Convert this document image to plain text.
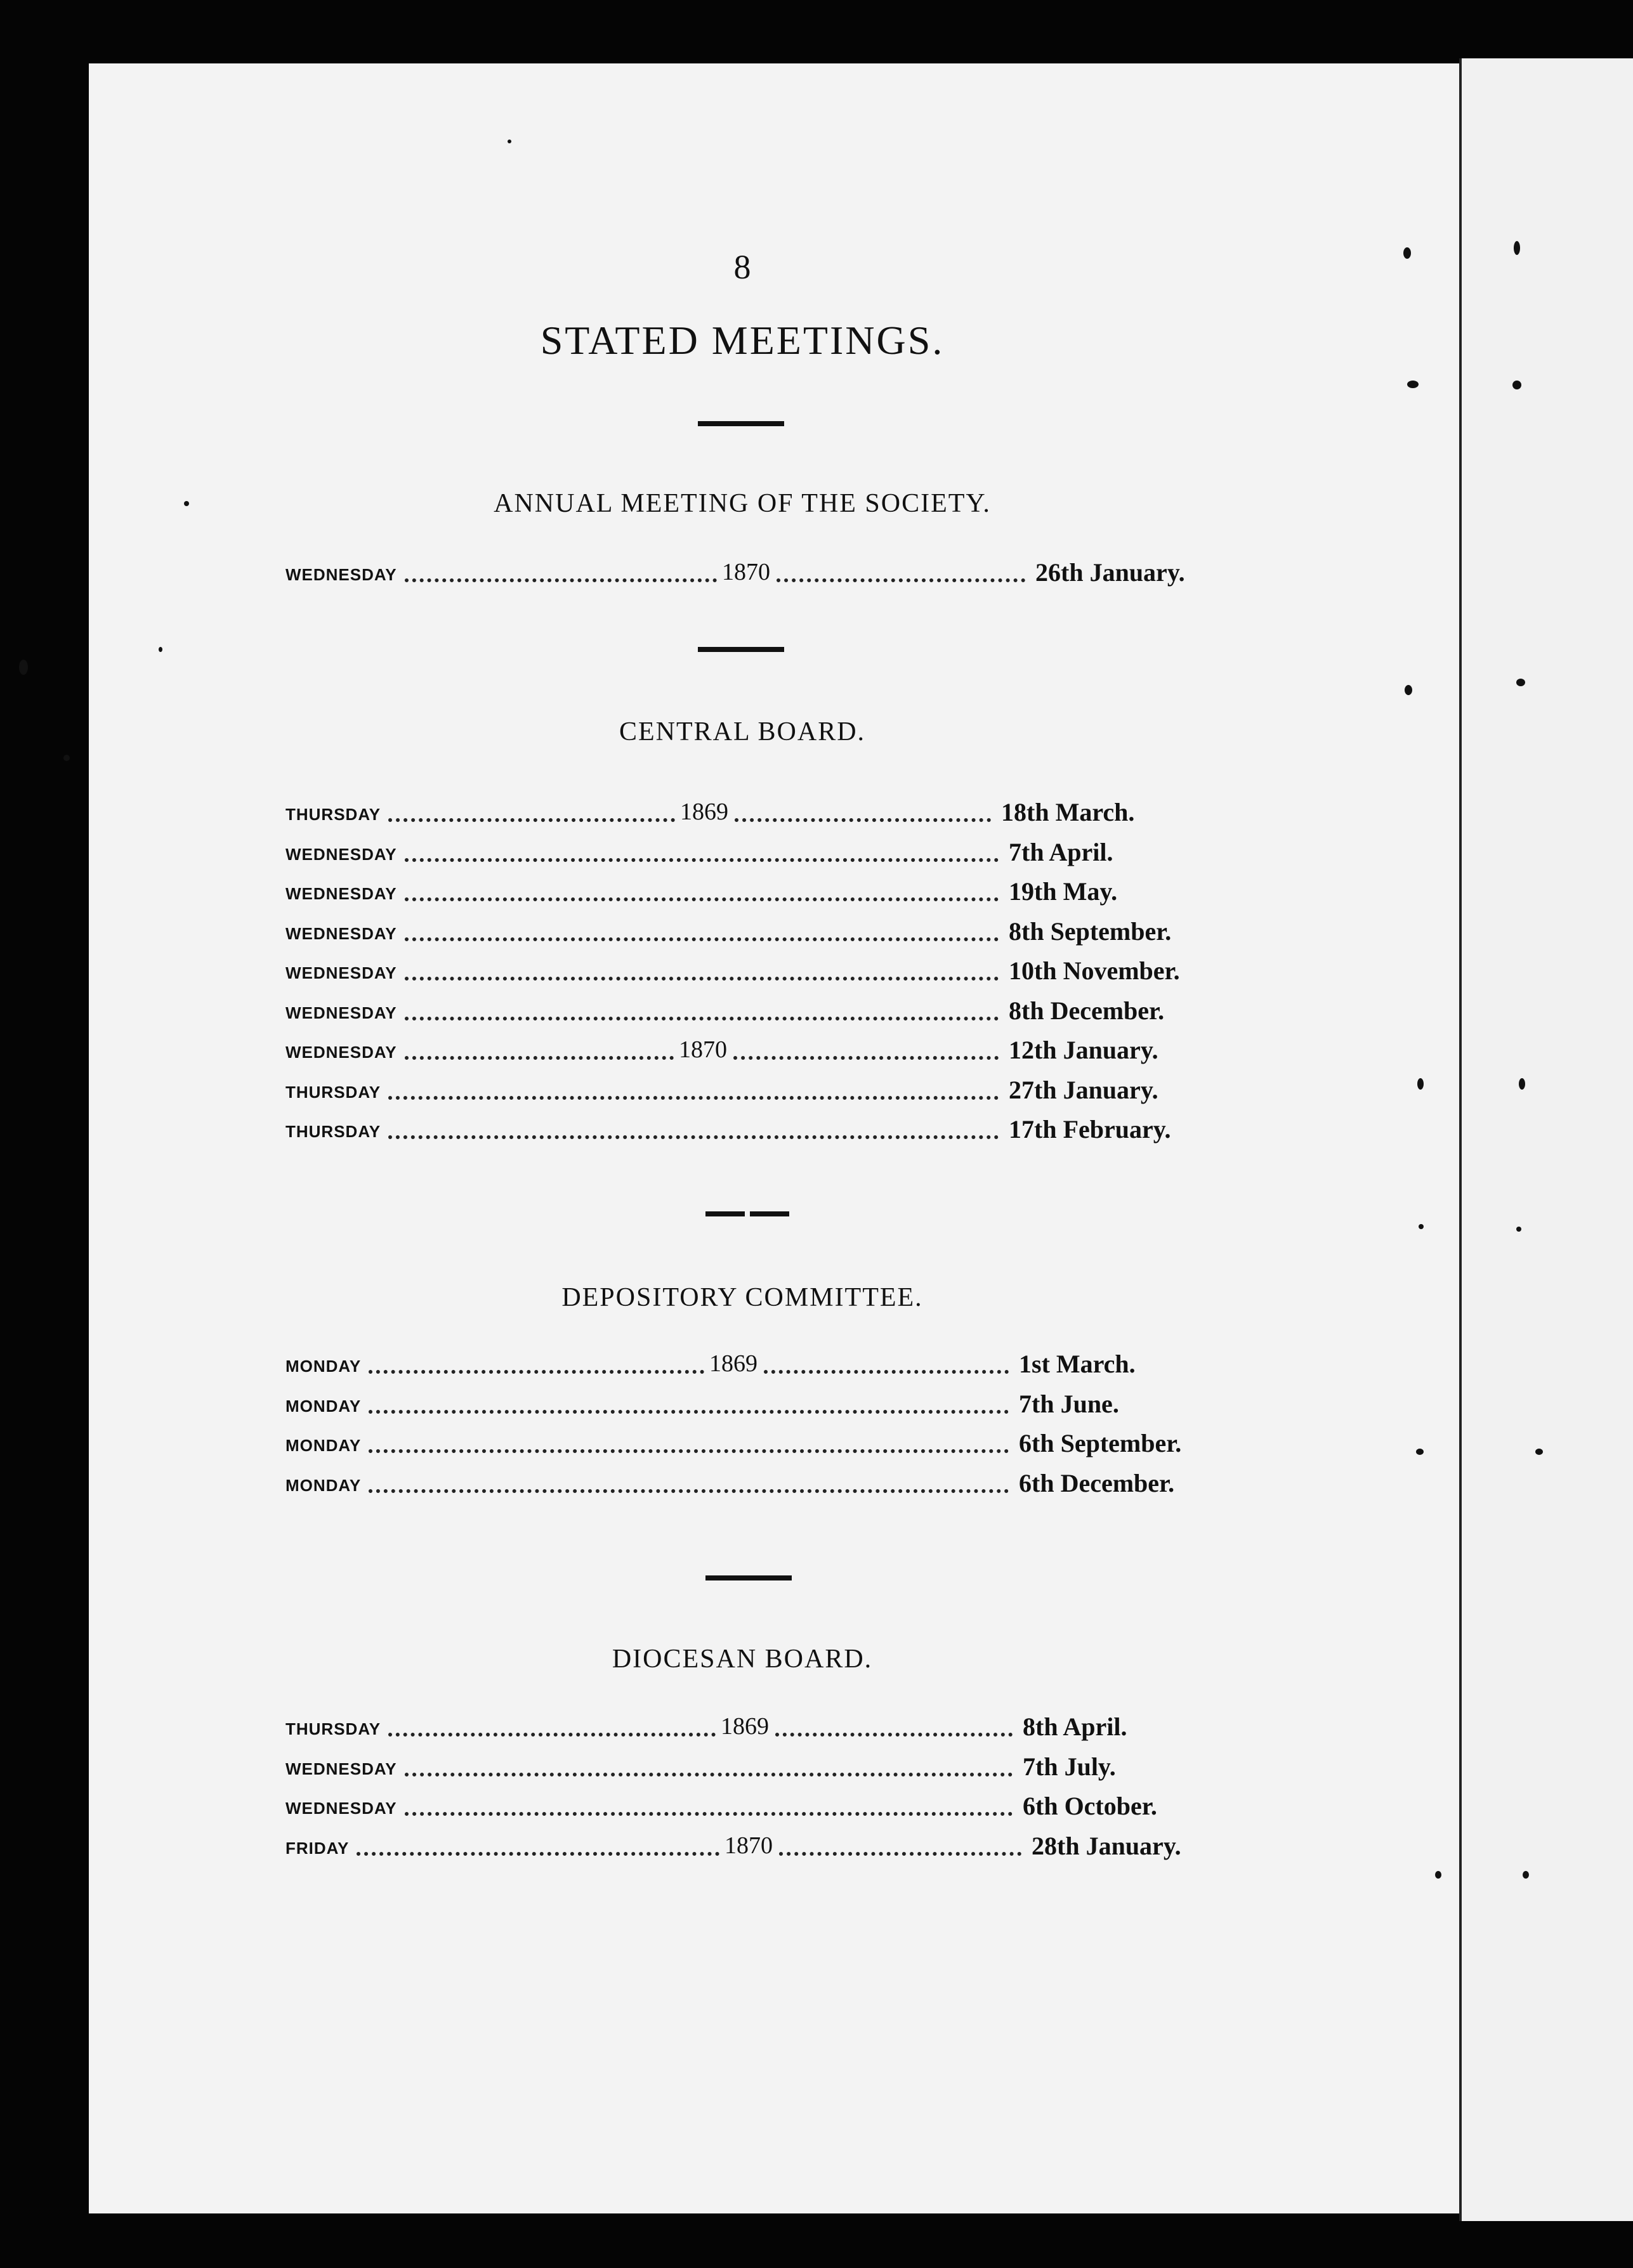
8
STATED MEETINGS.
ANNUAL MEETING OF THE SOCIETY.
WEDNESDAY	1870	26th January.
CENTRAL BOARD.
THURSDAY	1869	18th March.
WEDNESDAY	7th April.
WEDNESDAY	19th May.
WEDNESDAY	8th September.
WEDNESDAY	10th November.
WEDNESDAY	8th December.
WEDNESDAY	1870	12th January.
THURSDAY	27th January.
THURSDAY	17th February.
DEPOSITORY COMMITTEE.
MONDAY	1869	1st March.
MONDAY	7th June.
MONDAY	6th September.
MONDAY	6th December.
DIOCESAN BOARD.
THURSDAY	1869	8th April.
WEDNESDAY	7th July.
WEDNESDAY	6th October.
FRIDAY	1870	28th January.
